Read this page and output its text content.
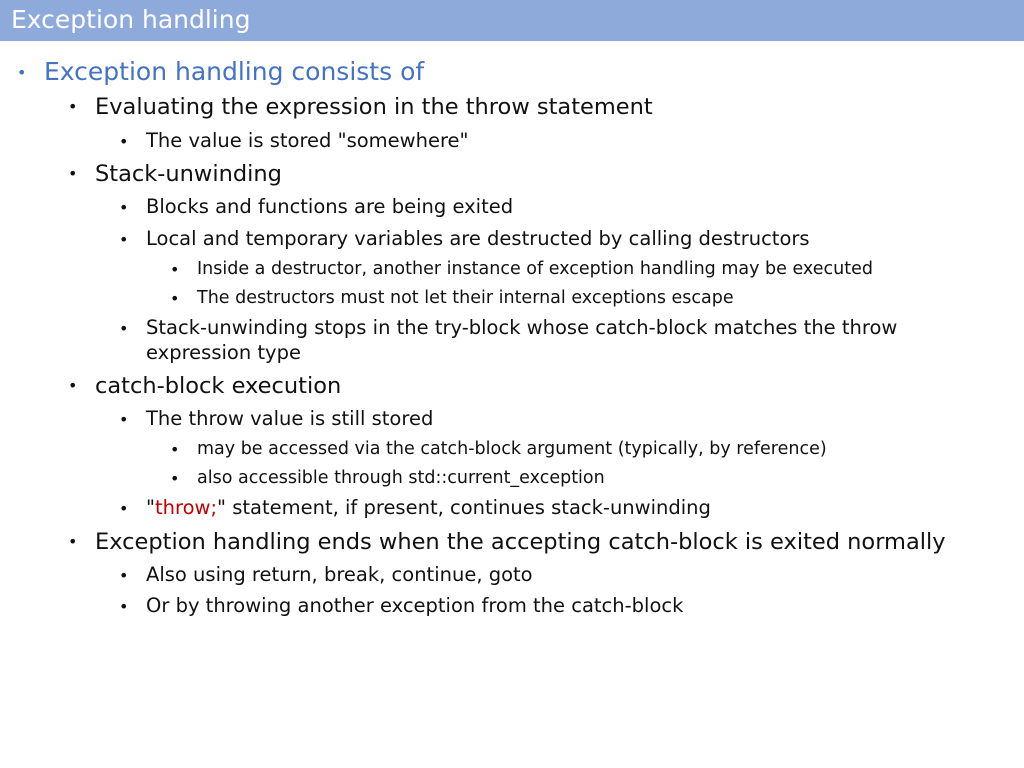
Exception handling
• Exception handling consists of
• Evaluating the expression in the throw statement
• The value is stored "somewhere"
• Stack-unwinding
• Blocks and functions are being exited
• Local and temporary variables are destructed by calling destructors
• Inside a destructor, another instance of exception handling may be executed
• The destructors must not let their internal exceptions escape
• Stack-unwinding stops in the try-block whose catch-block matches the throw
expression type
• catch-block execution
• The throw value is still stored
• may be accessed via the catch-block argument (typically, by reference)
• also accessible through std::current_exception
• "throw;" statement, if present, continues stack-unwinding
• Exception handling ends when the accepting catch-block is exited normally
• Also using return, break, continue, goto
• Or by throwing another exception from the catch-block
